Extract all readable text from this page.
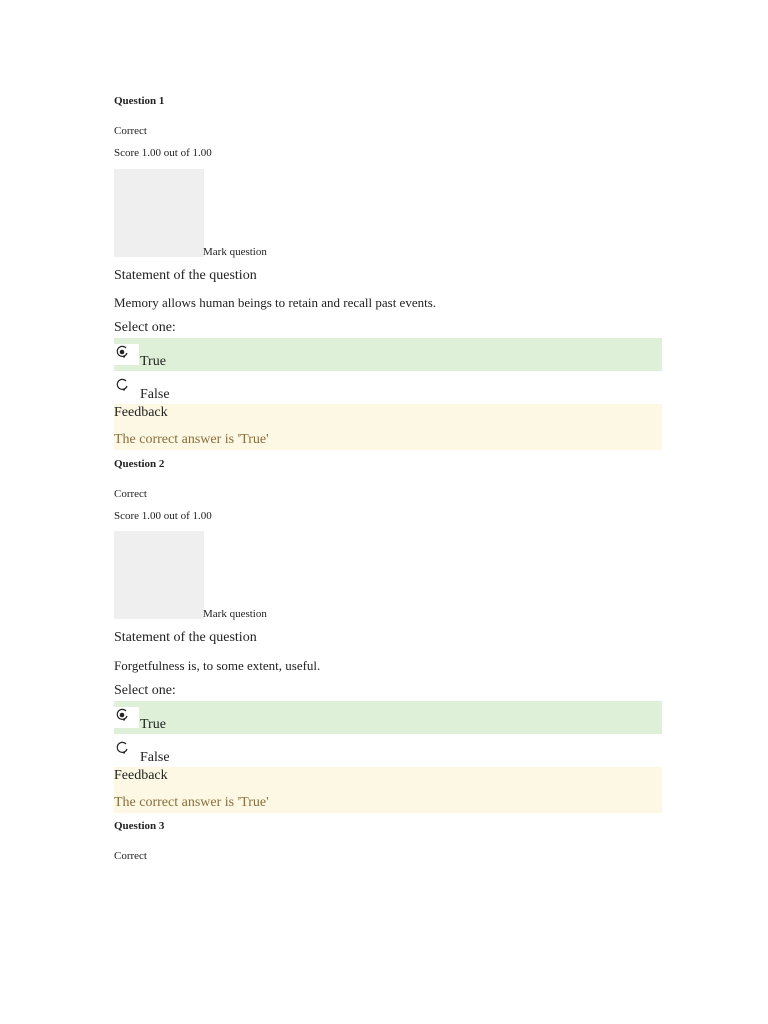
Question 1
Correct
Score 1.00 out of 1.00
Mark question
Statement of the question
Memory allows human beings to retain and recall past events.
Select one:
True
False
Feedback
The correct answer is 'True'
Question 2
Correct
Score 1.00 out of 1.00
Mark question
Statement of the question
Forgetfulness is, to some extent, useful.
Select one:
True
False
Feedback
The correct answer is 'True'
Question 3
Correct
